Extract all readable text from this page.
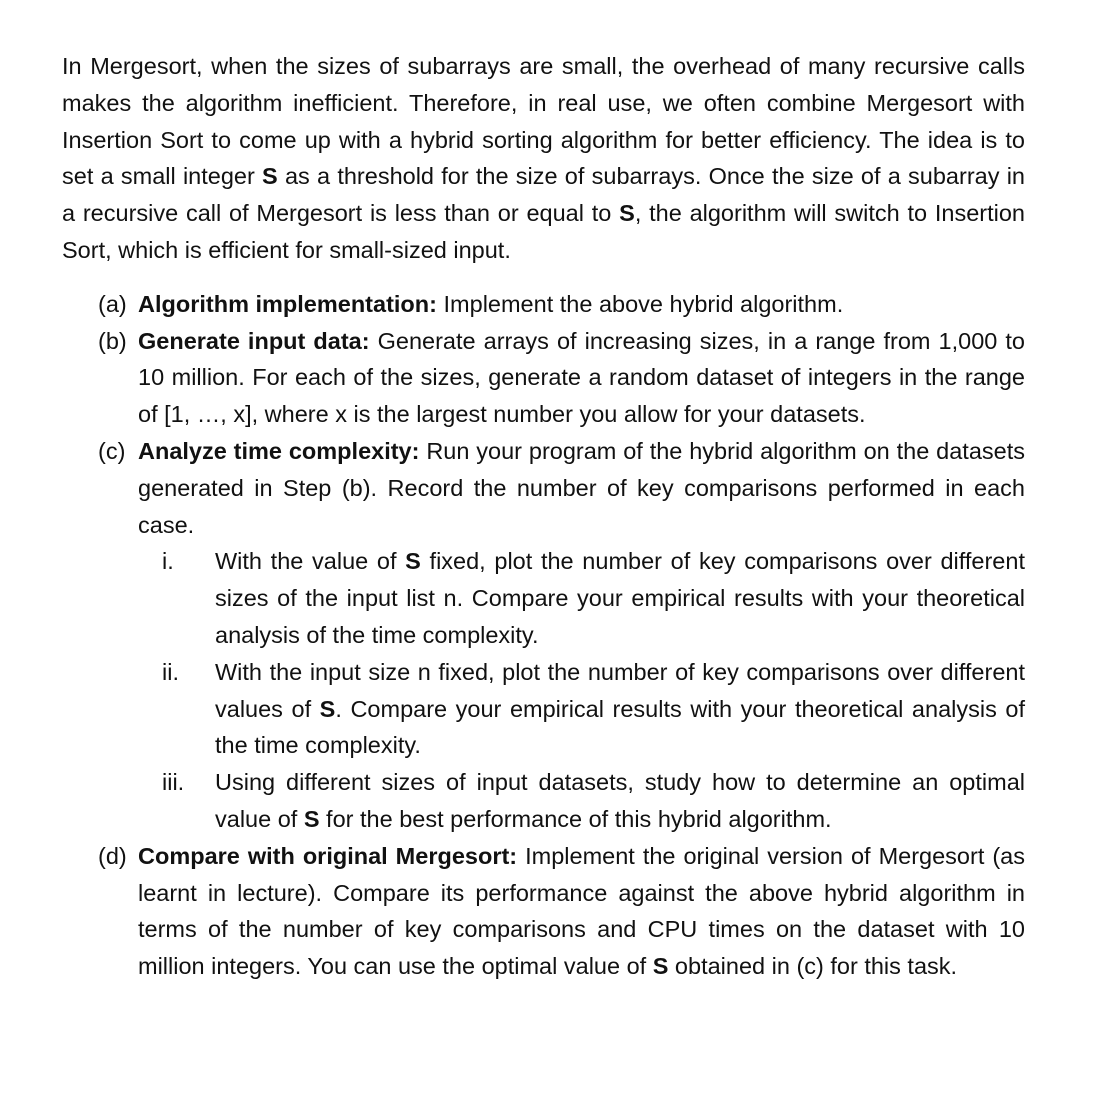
In Mergesort, when the sizes of subarrays are small, the overhead of many recursive calls makes the algorithm inefficient. Therefore, in real use, we often combine Mergesort with Insertion Sort to come up with a hybrid sorting algorithm for better efficiency. The idea is to set a small integer S as a threshold for the size of subarrays. Once the size of a subarray in a recursive call of Mergesort is less than or equal to S, the algorithm will switch to Insertion Sort, which is efficient for small-sized input.

(a) Algorithm implementation: Implement the above hybrid algorithm.
(b) Generate input data: Generate arrays of increasing sizes, in a range from 1,000 to 10 million. For each of the sizes, generate a random dataset of integers in the range of [1, …, x], where x is the largest number you allow for your datasets.
(c) Analyze time complexity: Run your program of the hybrid algorithm on the datasets generated in Step (b). Record the number of key comparisons performed in each case.
i. With the value of S fixed, plot the number of key comparisons over different sizes of the input list n. Compare your empirical results with your theoretical analysis of the time complexity.
ii. With the input size n fixed, plot the number of key comparisons over different values of S. Compare your empirical results with your theoretical analysis of the time complexity.
iii. Using different sizes of input datasets, study how to determine an optimal value of S for the best performance of this hybrid algorithm.
(d) Compare with original Mergesort: Implement the original version of Mergesort (as learnt in lecture). Compare its performance against the above hybrid algorithm in terms of the number of key comparisons and CPU times on the dataset with 10 million integers. You can use the optimal value of S obtained in (c) for this task.
